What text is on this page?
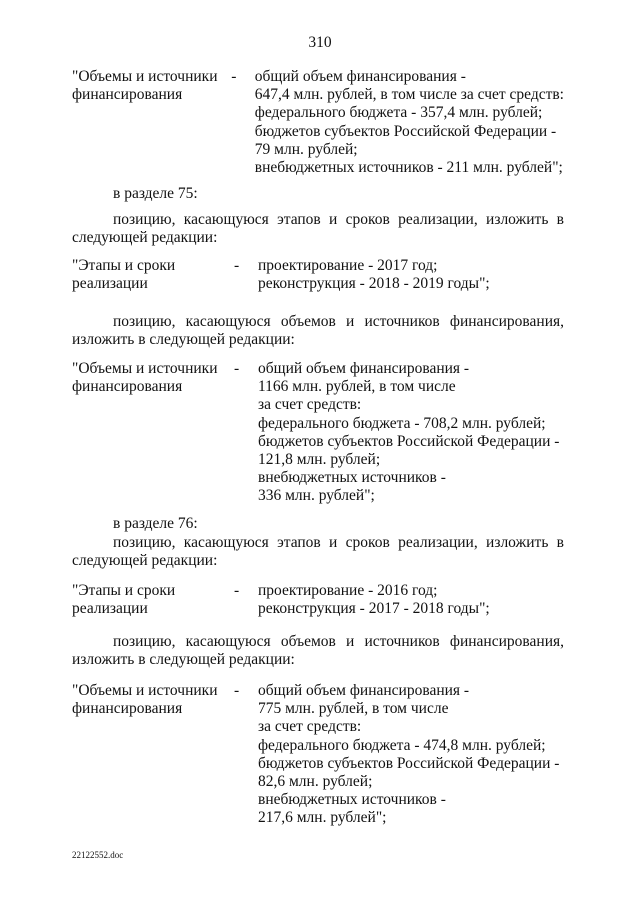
310
"Объемы и источники
финансирования
-	общий объем финансирования -
647,4 млн. рублей, в том числе за счет средств:
федерального бюджета - 357,4 млн. рублей;
бюджетов субъектов Российской Федерации -
79 млн. рублей;
внебюджетных источников - 211 млн. рублей";
в разделе 75:
позицию, касающуюся этапов и сроков реализации, изложить в
следующей редакции:
"Этапы и сроки
реализации
-	проектирование - 2017 год;
реконструкция - 2018 - 2019 годы";
позицию, касающуюся объемов и источников финансирования,
изложить в следующей редакции:
"Объемы и источники
финансирования
-	общий объем финансирования -
1166 млн. рублей, в том числе
за счет средств:
федерального бюджета - 708,2 млн. рублей;
бюджетов субъектов Российской Федерации -
121,8 млн. рублей;
внебюджетных источников -
336 млн. рублей";
в разделе 76:
позицию, касающуюся этапов и сроков реализации, изложить в
следующей редакции:
"Этапы и сроки
реализации
-	проектирование - 2016 год;
реконструкция - 2017 - 2018 годы";
позицию, касающуюся объемов и источников финансирования,
изложить в следующей редакции:
"Объемы и источники
финансирования
-	общий объем финансирования -
775 млн. рублей, в том числе
за счет средств:
федерального бюджета - 474,8 млн. рублей;
бюджетов субъектов Российской Федерации -
82,6 млн. рублей;
внебюджетных источников -
217,6 млн. рублей";
22122552.doc
